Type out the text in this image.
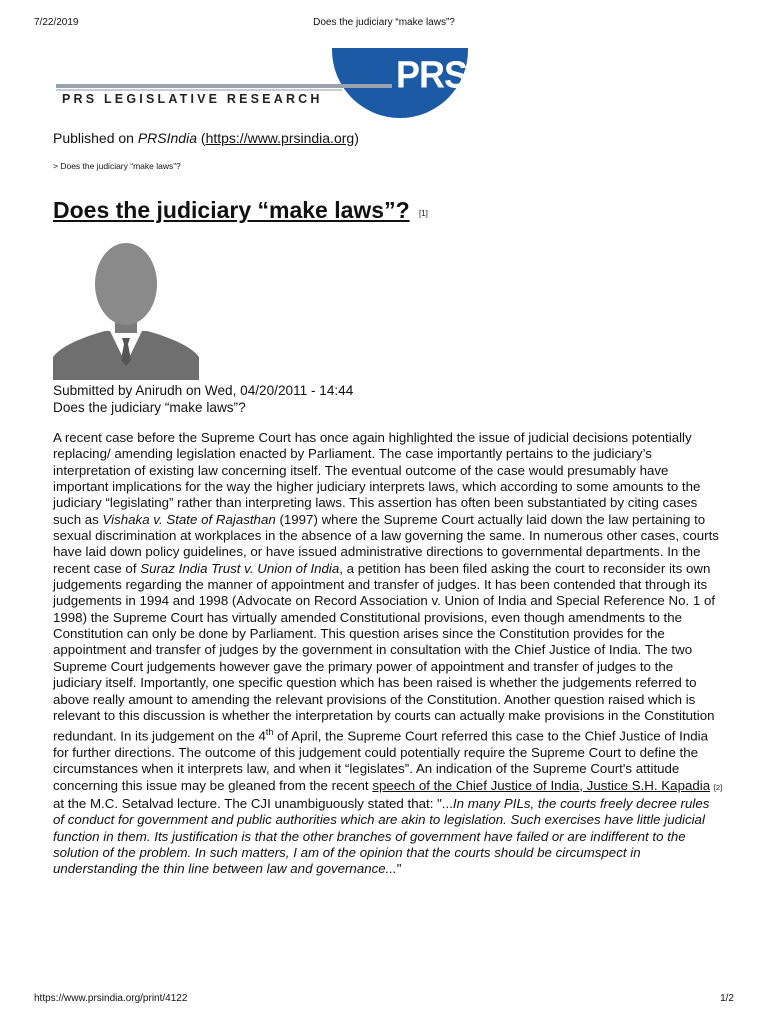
7/22/2019	Does the judiciary “make laws”?
PRS
PRS LEGISLATIVE RESEARCH
Published on PRSIndia (https://www.prsindia.org)
> Does the judiciary “make laws”?
Does the judiciary “make laws”? [1]
Submitted by Anirudh on Wed, 04/20/2011 - 14:44
Does the judiciary “make laws”?
A recent case before the Supreme Court has once again highlighted the issue of judicial decisions potentially replacing/ amending legislation enacted by Parliament. The case importantly pertains to the judiciary’s interpretation of existing law concerning itself. The eventual outcome of the case would presumably have important implications for the way the higher judiciary interprets laws, which according to some amounts to the judiciary “legislating” rather than interpreting laws. This assertion has often been substantiated by citing cases such as Vishaka v. State of Rajasthan (1997) where the Supreme Court actually laid down the law pertaining to sexual discrimination at workplaces in the absence of a law governing the same. In numerous other cases, courts have laid down policy guidelines, or have issued administrative directions to governmental departments. In the recent case of Suraz India Trust v. Union of India, a petition has been filed asking the court to reconsider its own judgements regarding the manner of appointment and transfer of judges. It has been contended that through its judgements in 1994 and 1998 (Advocate on Record Association v. Union of India and Special Reference No. 1 of 1998) the Supreme Court has virtually amended Constitutional provisions, even though amendments to the Constitution can only be done by Parliament. This question arises since the Constitution provides for the appointment and transfer of judges by the government in consultation with the Chief Justice of India. The two Supreme Court judgements however gave the primary power of appointment and transfer of judges to the judiciary itself. Importantly, one specific question which has been raised is whether the judgements referred to above really amount to amending the relevant provisions of the Constitution. Another question raised which is relevant to this discussion is whether the interpretation by courts can actually make provisions in the Constitution redundant. In its judgement on the 4th of April, the Supreme Court referred this case to the Chief Justice of India for further directions. The outcome of this judgement could potentially require the Supreme Court to define the circumstances when it interprets law, and when it “legislates”. An indication of the Supreme Court's attitude concerning this issue may be gleaned from the recent speech of the Chief Justice of India, Justice S.H. Kapadia [2] at the M.C. Setalvad lecture. The CJI unambiguously stated that: "...In many PILs, the courts freely decree rules of conduct for government and public authorities which are akin to legislation. Such exercises have little judicial function in them. Its justification is that the other branches of government have failed or are indifferent to the solution of the problem. In such matters, I am of the opinion that the courts should be circumspect in understanding the thin line between law and governance..."
https://www.prsindia.org/print/4122	1/2
